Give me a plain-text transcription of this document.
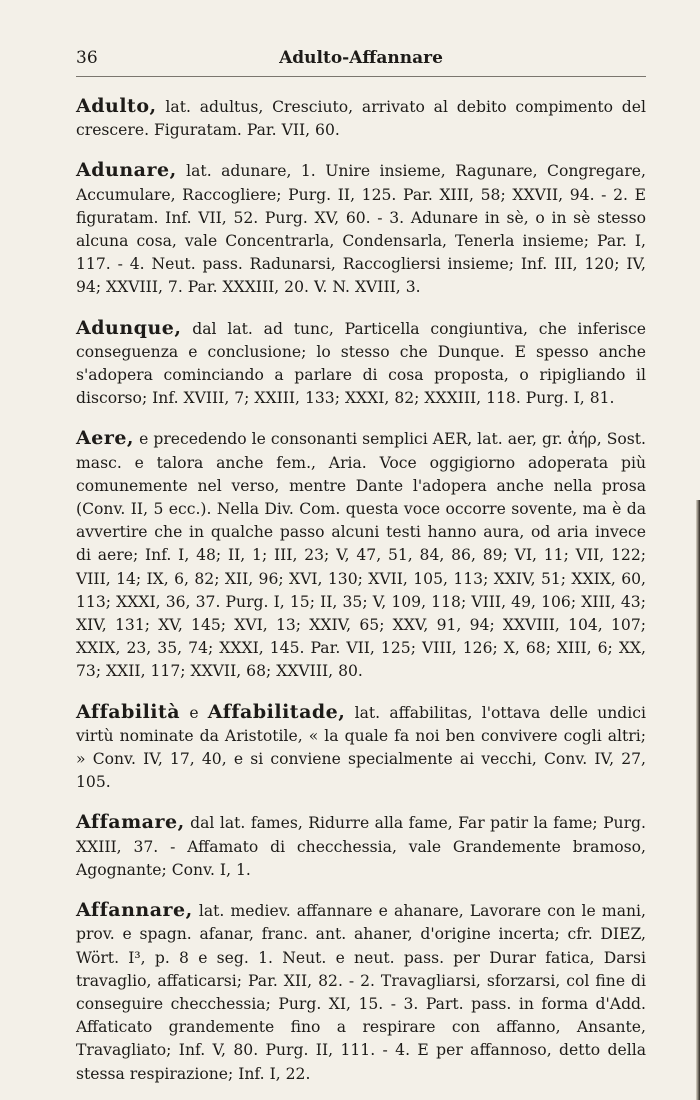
36	Adulto-Affannare

Adulto, lat. adultus, Cresciuto, arrivato al debito compimento del crescere. Figuratam. Par. VII, 60.

Adunare, lat. adunare, 1. Unire insieme, Ragunare, Congregare, Accumulare, Raccogliere; Purg. II, 125. Par. XIII, 58; XXVII, 94. - 2. E figuratam. Inf. VII, 52. Purg. XV, 60. - 3. Adunare in sè, o in sè stesso alcuna cosa, vale Concentrarla, Condensarla, Tenerla insieme; Par. I, 117. - 4. Neut. pass. Radunarsi, Raccogliersi insieme; Inf. III, 120; IV, 94; XXVIII, 7. Par. XXXIII, 20. V. N. XVIII, 3.

Adunque, dal lat. ad tunc, Particella congiuntiva, che inferisce conseguenza e conclusione; lo stesso che Dunque. E spesso anche s'adopera cominciando a parlare di cosa proposta, o ripigliando il discorso; Inf. XVIII, 7; XXIII, 133; XXXI, 82; XXXIII, 118. Purg. I, 81.

Aere, e precedendo le consonanti semplici AER, lat. aer, gr. ἀήρ, Sost. masc. e talora anche fem., Aria. Voce oggigiorno adoperata più comunemente nel verso, mentre Dante l'adopera anche nella prosa (Conv. II, 5 ecc.). Nella Div. Com. questa voce occorre sovente, ma è da avvertire che in qualche passo alcuni testi hanno aura, od aria invece di aere; Inf. I, 48; II, 1; III, 23; V, 47, 51, 84, 86, 89; VI, 11; VII, 122; VIII, 14; IX, 6, 82; XII, 96; XVI, 130; XVII, 105, 113; XXIV, 51; XXIX, 60, 113; XXXI, 36, 37. Purg. I, 15; II, 35; V, 109, 118; VIII, 49, 106; XIII, 43; XIV, 131; XV, 145; XVI, 13; XXIV, 65; XXV, 91, 94; XXVIII, 104, 107; XXIX, 23, 35, 74; XXXI, 145. Par. VII, 125; VIII, 126; X, 68; XIII, 6; XX, 73; XXII, 117; XXVII, 68; XXVIII, 80.

Affabilità e Affabilitade, lat. affabilitas, l'ottava delle undici virtù nominate da Aristotile, « la quale fa noi ben convivere cogli altri; » Conv. IV, 17, 40, e si conviene specialmente ai vecchi, Conv. IV, 27, 105.

Affamare, dal lat. fames, Ridurre alla fame, Far patir la fame; Purg. XXIII, 37. - Affamato di checchessia, vale Grandemente bramoso, Agognante; Conv. I, 1.

Affannare, lat. mediev. affannare e ahanare, Lavorare con le mani, prov. e spagn. afanar, franc. ant. ahaner, d'origine incerta; cfr. DIEZ, Wört. I³, p. 8 e seg. 1. Neut. e neut. pass. per Durar fatica, Darsi travaglio, affaticarsi; Par. XII, 82. - 2. Travagliarsi, sforzarsi, col fine di conseguire checchessia; Purg. XI, 15. - 3. Part. pass. in forma d'Add. Affaticato grandemente fino a respirare con affanno, Ansante, Travagliato; Inf. V, 80. Purg. II, 111. - 4. E per affannoso, detto della stessa respirazione; Inf. I, 22.
